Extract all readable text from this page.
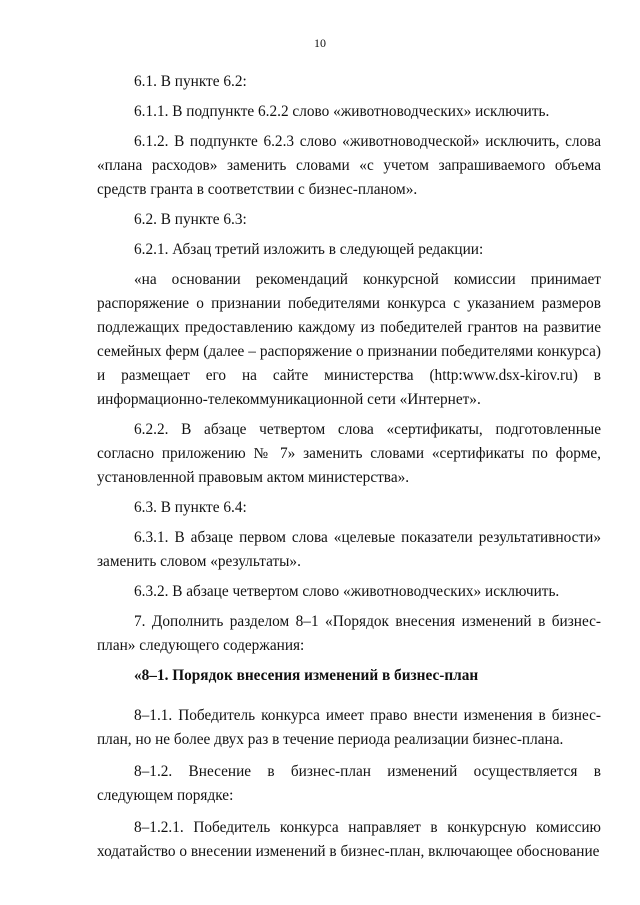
10

6.1. В пункте 6.2:

6.1.1. В подпункте 6.2.2 слово «животноводческих» исключить.

6.1.2. В подпункте 6.2.3 слово «животноводческой» исключить, слова «плана расходов» заменить словами «с учетом запрашиваемого объема средств гранта в соответствии с бизнес-планом».

6.2. В пункте 6.3:

6.2.1. Абзац третий изложить в следующей редакции:

«на основании рекомендаций конкурсной комиссии принимает распоряжение о признании победителями конкурса с указанием размеров подлежащих предоставлению каждому из победителей грантов на развитие семейных ферм (далее – распоряжение о признании победителями конкурса) и размещает его на сайте министерства (http:www.dsx-kirov.ru) в информационно-телекоммуникационной сети «Интернет».

6.2.2. В абзаце четвертом слова «сертификаты, подготовленные согласно приложению № 7» заменить словами «сертификаты по форме, установленной правовым актом министерства».

6.3. В пункте 6.4:

6.3.1. В абзаце первом слова «целевые показатели результативности» заменить словом «результаты».

6.3.2. В абзаце четвертом слово «животноводческих» исключить.

7. Дополнить разделом 8–1 «Порядок внесения изменений в бизнес-план» следующего содержания:

«8–1. Порядок внесения изменений в бизнес-план

8–1.1. Победитель конкурса имеет право внести изменения в бизнес-план, но не более двух раз в течение периода реализации бизнес-плана.

8–1.2. Внесение в бизнес-план изменений осуществляется в следующем порядке:

8–1.2.1. Победитель конкурса направляет в конкурсную комиссию ходатайство о внесении изменений в бизнес-план, включающее обоснование
